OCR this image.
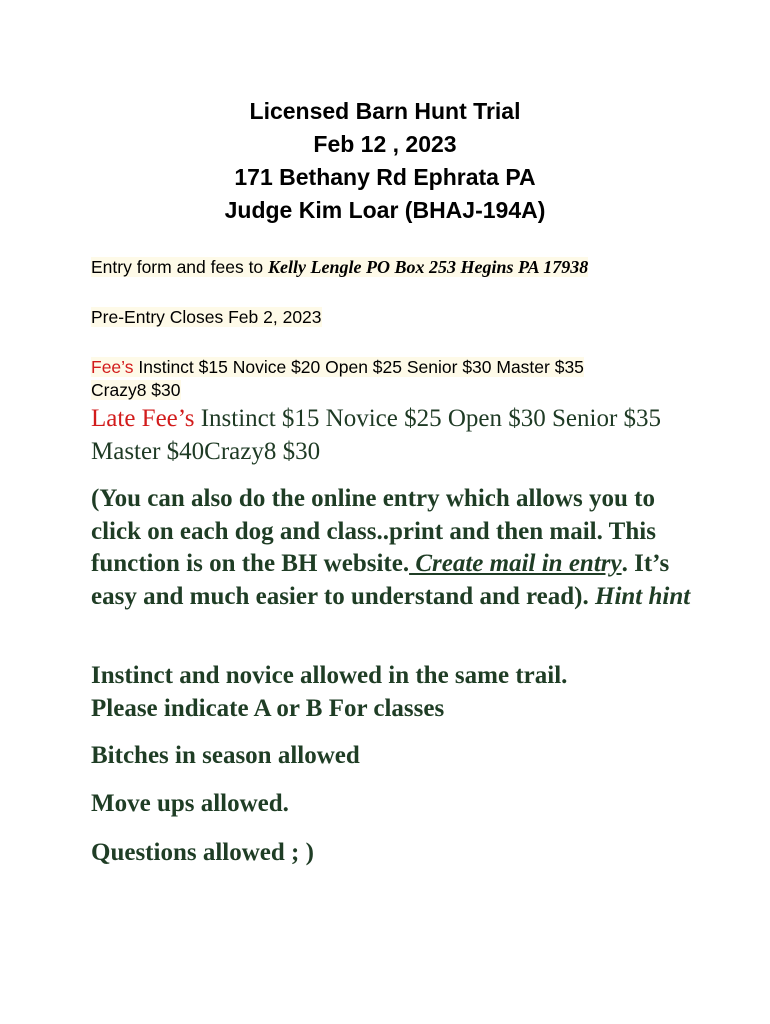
Licensed Barn Hunt Trial
Feb 12 , 2023
171 Bethany Rd Ephrata PA
Judge Kim Loar (BHAJ-194A)
Entry form and fees to Kelly Lengle PO Box 253 Hegins PA 17938
Pre-Entry Closes Feb 2, 2023
Fee’s Instinct $15 Novice $20 Open $25 Senior $30 Master $35
Crazy8 $30
Late Fee’s Instinct $15 Novice $25 Open $30 Senior $35 Master $40Crazy8 $30
(You can also do the online entry which allows you to click on each dog and class..print and then mail. This function is on the BH website. Create mail in entry. It’s easy and much easier to understand and read). Hint hint
Instinct and novice allowed in the same trail.
Please indicate A or B For classes
Bitches in season allowed
Move ups allowed.
Questions allowed ; )
